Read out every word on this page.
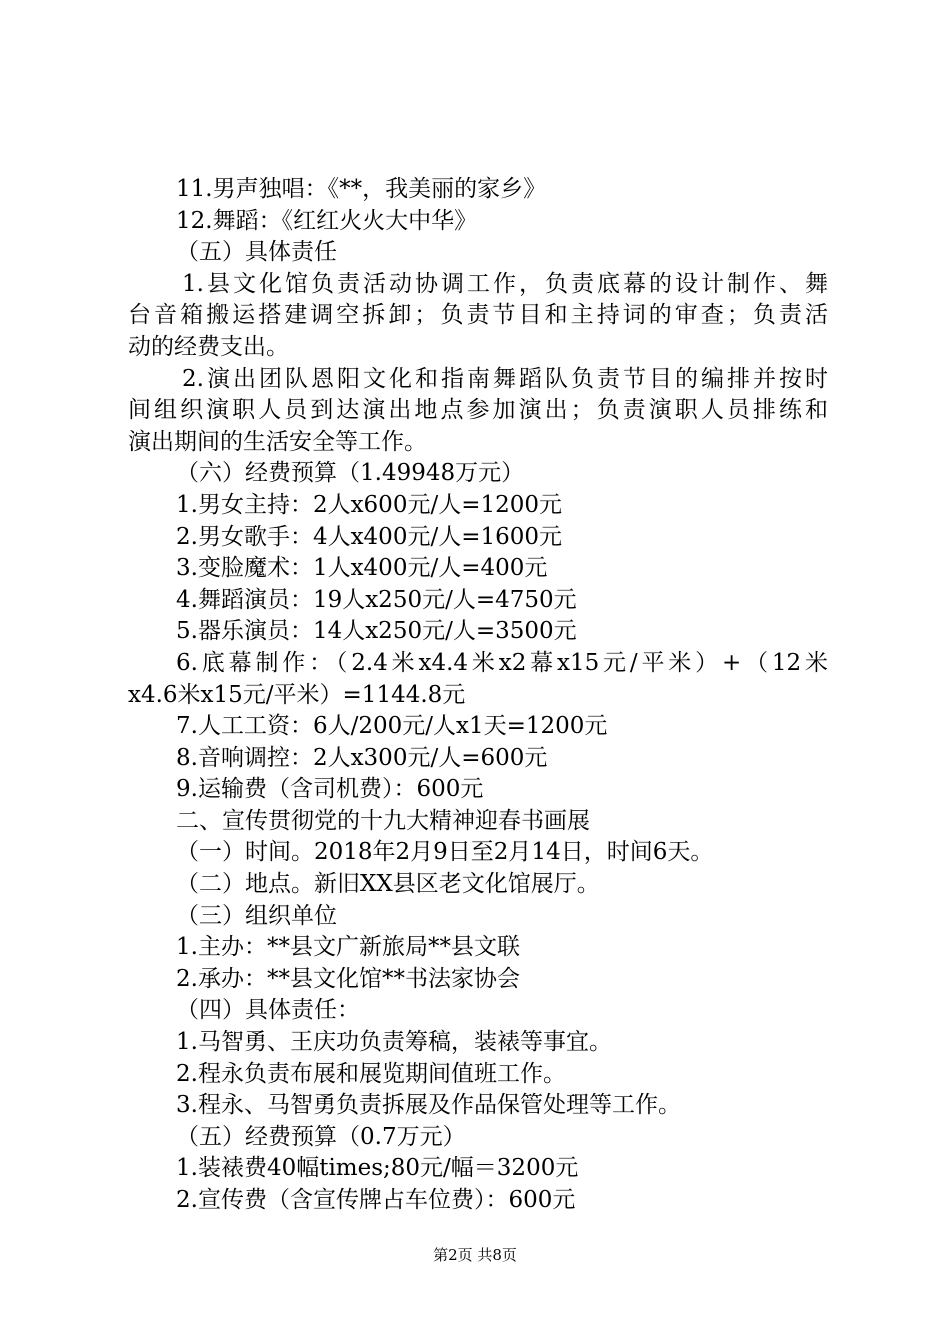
11.男声独唱：《**，我美丽的家乡》
12.舞蹈：《红红火火大中华》
（五）具体责任
1.县文化馆负责活动协调工作，负责底幕的设计制作、舞
台音箱搬运搭建调空拆卸；负责节目和主持词的审查；负责活
动的经费支出。
2.演出团队恩阳文化和指南舞蹈队负责节目的编排并按时
间组织演职人员到达演出地点参加演出；负责演职人员排练和
演出期间的生活安全等工作。
（六）经费预算（1.49948万元）
1.男女主持：2人x600元/人=1200元
2.男女歌手：4人x400元/人=1600元
3.变脸魔术：1人x400元/人=400元
4.舞蹈演员：19人x250元/人=4750元
5.器乐演员：14人x250元/人=3500元
6.底幕制作：（2.4米x4.4米x2幕x15元/平米）+（12米
x4.6米x15元/平米）=1144.8元
7.人工工资：6人/200元/人x1天=1200元
8.音响调控：2人x300元/人=600元
9.运输费（含司机费）：600元
二、宣传贯彻党的十九大精神迎春书画展
（一）时间。2018年2月9日至2月14日，时间6天。
（二）地点。新旧XX县区老文化馆展厅。
（三）组织单位
1.主办：**县文广新旅局**县文联
2.承办：**县文化馆**书法家协会
（四）具体责任：
1.马智勇、王庆功负责筹稿，装裱等事宜。
2.程永负责布展和展览期间值班工作。
3.程永、马智勇负责拆展及作品保管处理等工作。
（五）经费预算（0.7万元）
1.装裱费40幅times;80元/幅＝3200元
2.宣传费（含宣传牌占车位费）：600元
第2页 共8页
